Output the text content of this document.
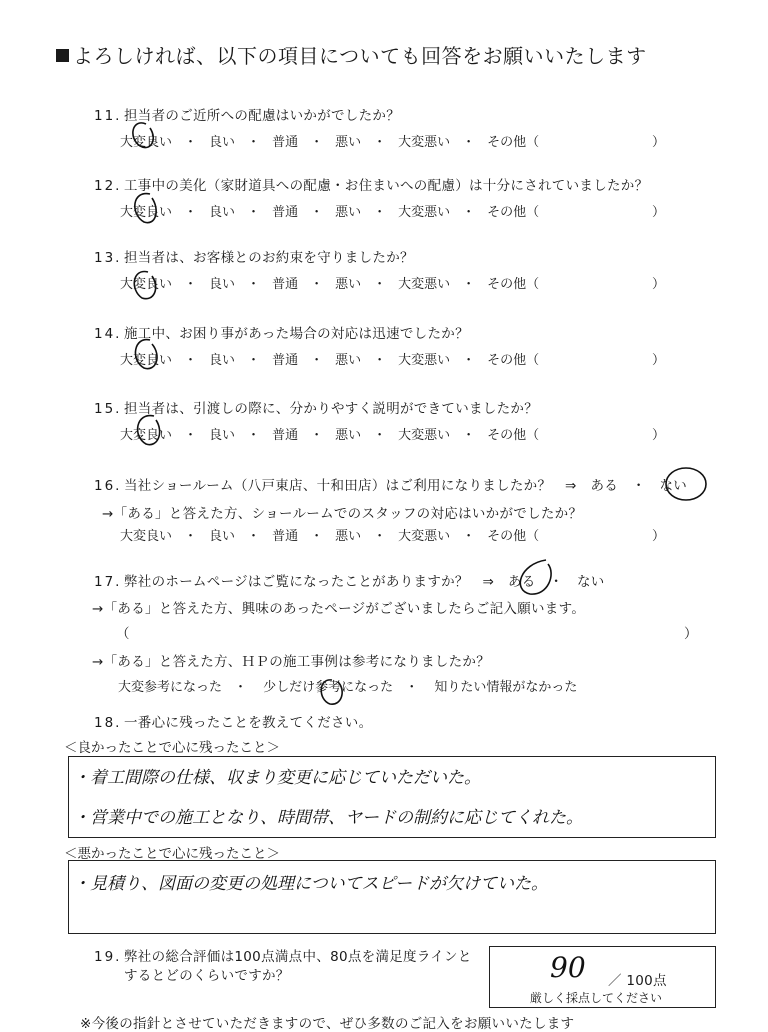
よろしければ、以下の項目についても回答をお願いいたします
11. 担当者のご近所への配慮はいかがでしたか？
大変良い ・ 良い ・ 普通 ・ 悪い ・ 大変悪い ・ その他（	）
12. 工事中の美化（家財道具への配慮・お住まいへの配慮）は十分にされていましたか？
大変良い ・ 良い ・ 普通 ・ 悪い ・ 大変悪い ・ その他（	）
13. 担当者は、お客様とのお約束を守りましたか？
大変良い ・ 良い ・ 普通 ・ 悪い ・ 大変悪い ・ その他（	）
14. 施工中、お困り事があった場合の対応は迅速でしたか？
大変良い ・ 良い ・ 普通 ・ 悪い ・ 大変悪い ・ その他（	）
15. 担当者は、引渡しの際に、分かりやすく説明ができていましたか？
大変良い ・ 良い ・ 普通 ・ 悪い ・ 大変悪い ・ その他（	）
16. 当社ショールーム（八戸東店、十和田店）はご利用になりましたか？　⇒　ある　・　ない
→「ある」と答えた方、ショールームでのスタッフの対応はいかがでしたか？
大変良い ・ 良い ・ 普通 ・ 悪い ・ 大変悪い ・ その他（	）
17. 弊社のホームページはご覧になったことがありますか？　⇒　ある　・　ない
→「ある」と答えた方、興味のあったページがございましたらご記入願います。
（	）
→「ある」と答えた方、ＨＰの施工事例は参考になりましたか？
大変参考になった ・ 少しだけ参考になった ・ 知りたい情報がなかった
18. 一番心に残ったことを教えてください。
＜良かったことで心に残ったこと＞
・着工間際の仕様、収まり変更に応じていただいた。
・営業中での施工となり、時間帯、ヤードの制約に応じてくれた。
＜悪かったことで心に残ったこと＞
・見積り、図面の変更の処理についてスピードが欠けていた。
19. 弊社の総合評価は100点満点中、80点を満足度ラインと
するとどのくらいですか？	90 ／ 100点
厳しく採点してください
※今後の指針とさせていただきますので、ぜひ多数のご記入をお願いいたします
